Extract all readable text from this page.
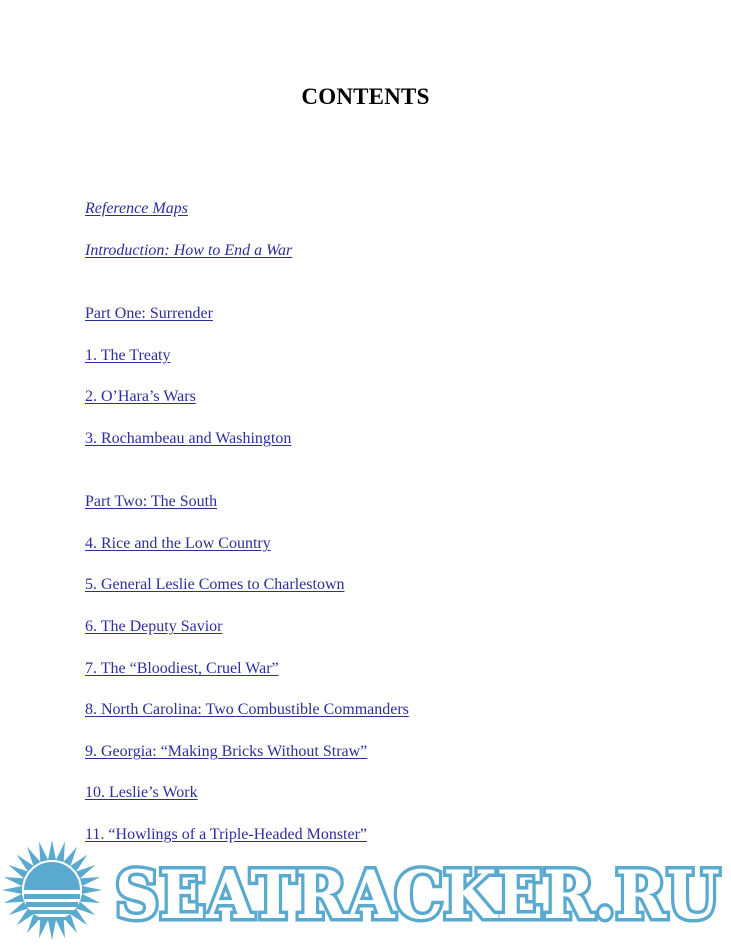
CONTENTS
Reference Maps
Introduction: How to End a War
Part One: Surrender
1. The Treaty
2. O’Hara’s Wars
3. Rochambeau and Washington
Part Two: The South
4. Rice and the Low Country
5. General Leslie Comes to Charlestown
6. The Deputy Savior
7. The “Bloodiest, Cruel War”
8. North Carolina: Two Combustible Commanders
9. Georgia: “Making Bricks Without Straw”
10. Leslie’s Work
11. “Howlings of a Triple-Headed Monster”
SEATRACKER.RU
